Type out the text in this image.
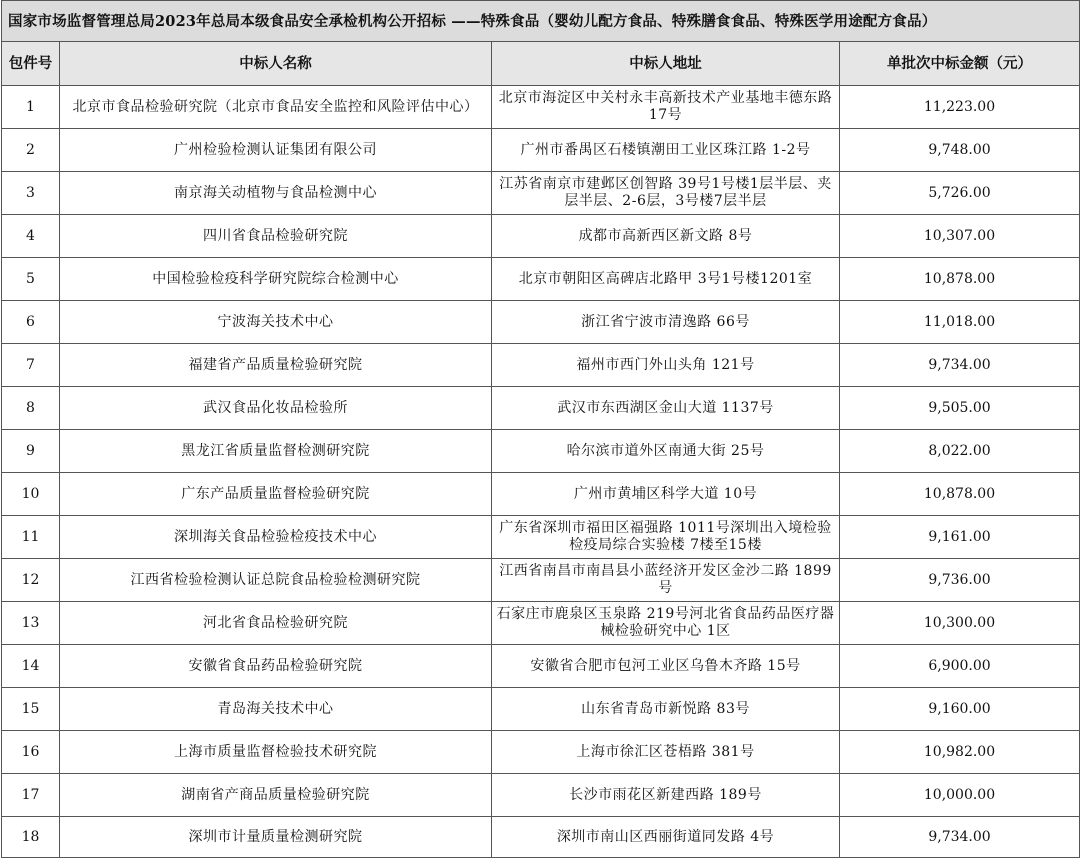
国家市场监督管理总局2023年总局本级食品安全承检机构公开招标 ——特殊食品（婴幼儿配方食品、特殊膳食食品、特殊医学用途配方食品）			
包件号	中标人名称	中标人地址	单批次中标金额（元）
1	北京市食品检验研究院（北京市食品安全监控和风险评估中心）	北京市海淀区中关村永丰高新技术产业基地丰德东路17号	11,223.00
2	广州检验检测认证集团有限公司	广州市番禺区石楼镇潮田工业区珠江路 1-2号	9,748.00
3	南京海关动植物与食品检测中心	江苏省南京市建邺区创智路 39号1号楼1层半层、夹层半层、2-6层，3号楼7层半层	5,726.00
4	四川省食品检验研究院	成都市高新西区新文路 8号	10,307.00
5	中国检验检疫科学研究院综合检测中心	北京市朝阳区高碑店北路甲 3号1号楼1201室	10,878.00
6	宁波海关技术中心	浙江省宁波市清逸路 66号	11,018.00
7	福建省产品质量检验研究院	福州市西门外山头角 121号	9,734.00
8	武汉食品化妆品检验所	武汉市东西湖区金山大道 1137号	9,505.00
9	黑龙江省质量监督检测研究院	哈尔滨市道外区南通大街 25号	8,022.00
10	广东产品质量监督检验研究院	广州市黄埔区科学大道 10号	10,878.00
11	深圳海关食品检验检疫技术中心	广东省深圳市福田区福强路 1011号深圳出入境检验检疫局综合实验楼 7楼至15楼	9,161.00
12	江西省检验检测认证总院食品检验检测研究院	江西省南昌市南昌县小蓝经济开发区金沙二路 1899号	9,736.00
13	河北省食品检验研究院	石家庄市鹿泉区玉泉路 219号河北省食品药品医疗器械检验研究中心 1区	10,300.00
14	安徽省食品药品检验研究院	安徽省合肥市包河工业区乌鲁木齐路 15号	6,900.00
15	青岛海关技术中心	山东省青岛市新悦路 83号	9,160.00
16	上海市质量监督检验技术研究院	上海市徐汇区苍梧路 381号	10,982.00
17	湖南省产商品质量检验研究院	长沙市雨花区新建西路 189号	10,000.00
18	深圳市计量质量检测研究院	深圳市南山区西丽街道同发路 4号	9,734.00
